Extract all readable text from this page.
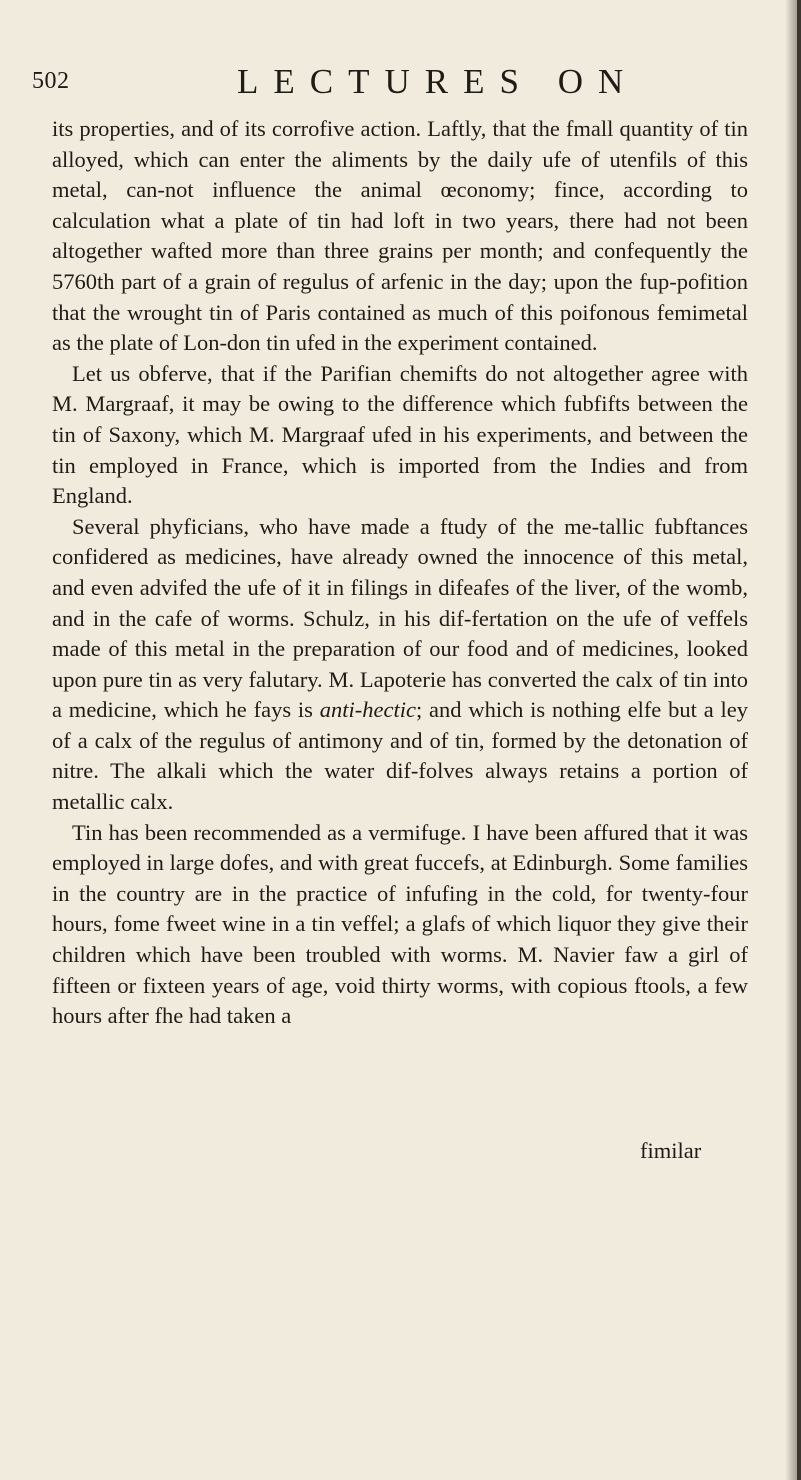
502	LECTURES ON

its properties, and of its corrofive action. Laftly, that the fmall quantity of tin alloyed, which can enter the aliments by the daily ufe of utenfils of this metal, can-not influence the animal œconomy; fince, according to calculation what a plate of tin had loft in two years, there had not been altogether wafted more than three grains per month; and confequently the 5760th part of a grain of regulus of arfenic in the day; upon the fup-pofition that the wrought tin of Paris contained as much of this poifonous femimetal as the plate of Lon-don tin ufed in the experiment contained.

Let us obferve, that if the Parifian chemifts do not altogether agree with M. Margraaf, it may be owing to the difference which fubfifts between the tin of Saxony, which M. Margraaf ufed in his experiments, and between the tin employed in France, which is imported from the Indies and from England.

Several phyficians, who have made a ftudy of the me-tallic fubftances confidered as medicines, have already owned the innocence of this metal, and even advifed the ufe of it in filings in difeafes of the liver, of the womb, and in the cafe of worms. Schulz, in his dif-fertation on the ufe of veffels made of this metal in the preparation of our food and of medicines, looked upon pure tin as very falutary. M. Lapoterie has converted the calx of tin into a medicine, which he fays is anti-hectic; and which is nothing elfe but a ley of a calx of the regulus of antimony and of tin, formed by the detonation of nitre. The alkali which the water dif-folves always retains a portion of metallic calx.

Tin has been recommended as a vermifuge. I have been affured that it was employed in large dofes, and with great fuccefs, at Edinburgh. Some families in the country are in the practice of infufing in the cold, for twenty-four hours, fome fweet wine in a tin veffel; a glafs of which liquor they give their children which have been troubled with worms. M. Navier faw a girl of fifteen or fixteen years of age, void thirty worms, with copious ftools, a few hours after fhe had taken a

fimilar
